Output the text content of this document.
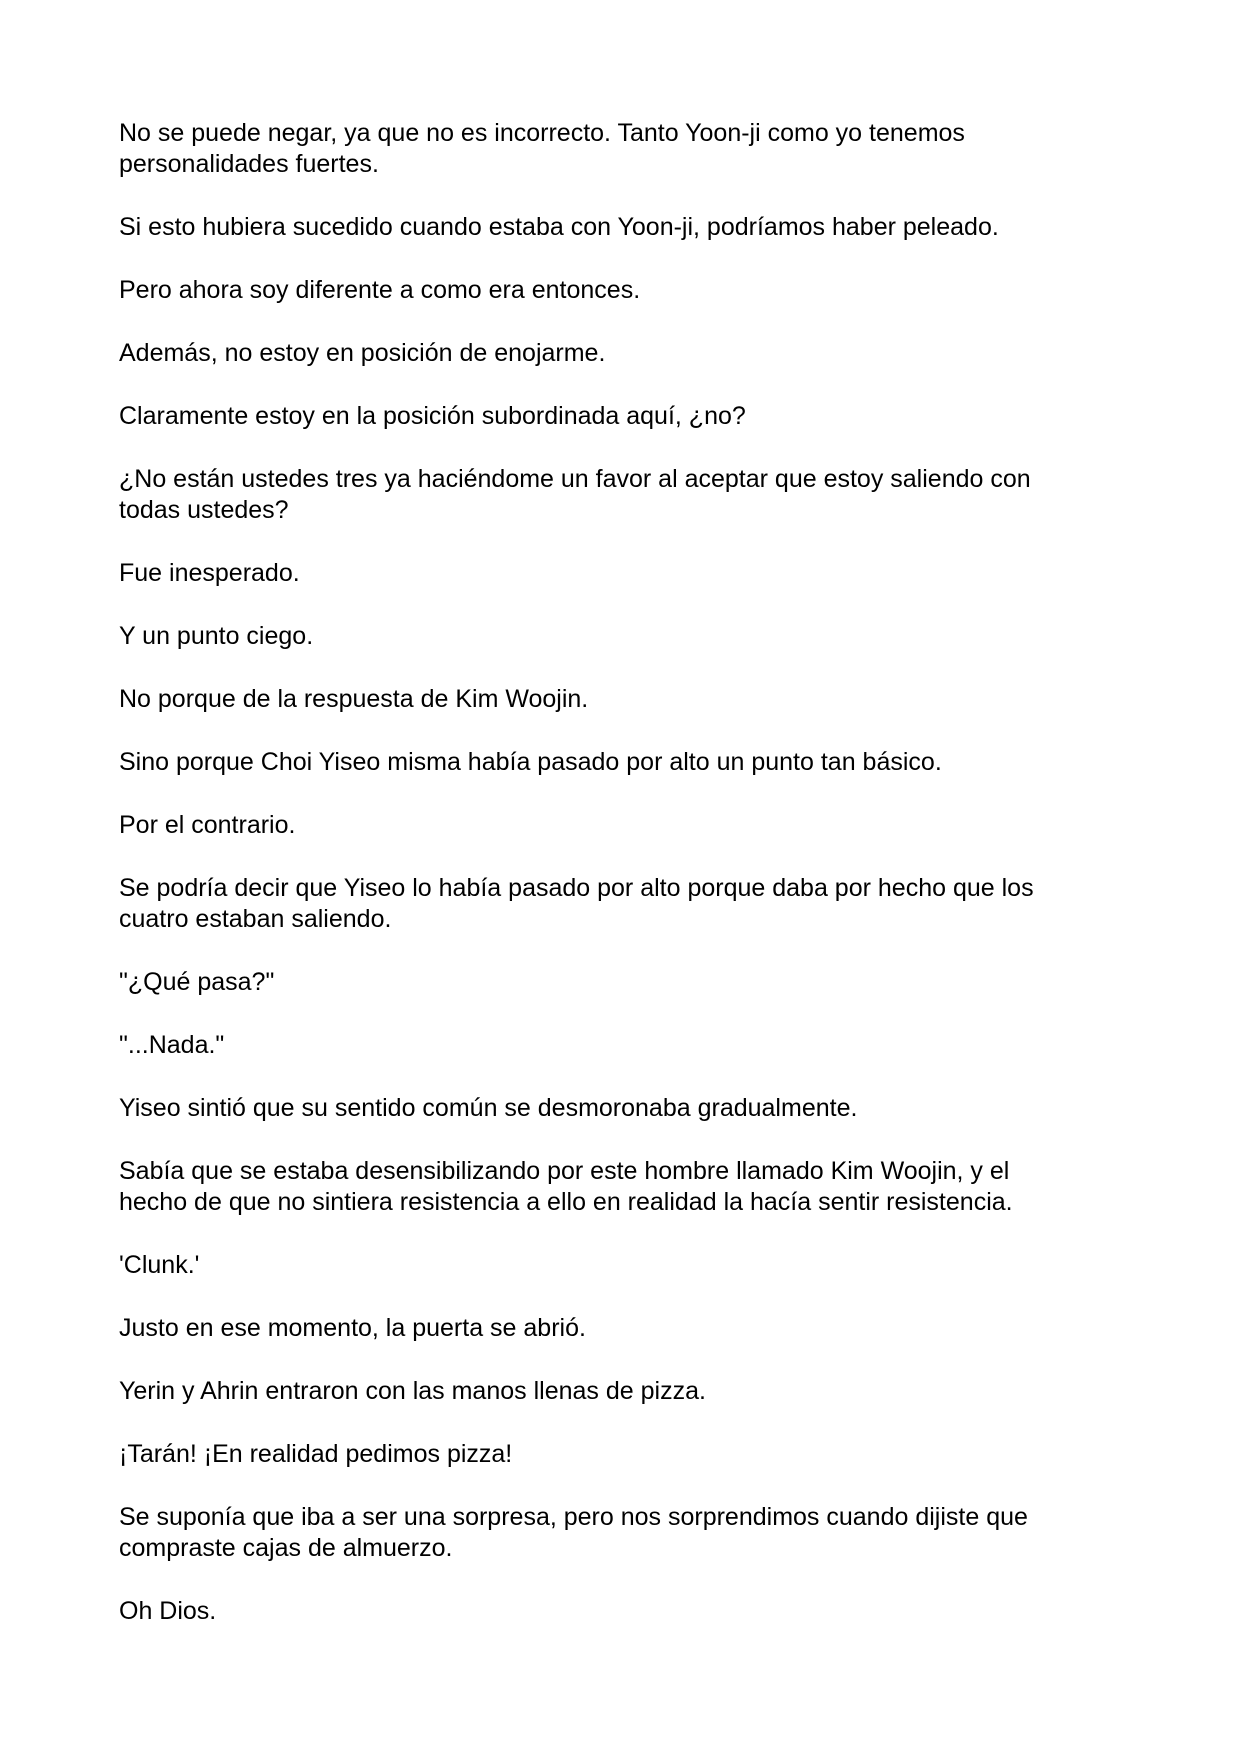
No se puede negar, ya que no es incorrecto. Tanto Yoon-ji como yo tenemos
personalidades fuertes.

Si esto hubiera sucedido cuando estaba con Yoon-ji, podríamos haber peleado.

Pero ahora soy diferente a como era entonces.

Además, no estoy en posición de enojarme.

Claramente estoy en la posición subordinada aquí, ¿no?

¿No están ustedes tres ya haciéndome un favor al aceptar que estoy saliendo con
todas ustedes?

Fue inesperado.

Y un punto ciego.

No porque de la respuesta de Kim Woojin.

Sino porque Choi Yiseo misma había pasado por alto un punto tan básico.

Por el contrario.

Se podría decir que Yiseo lo había pasado por alto porque daba por hecho que los
cuatro estaban saliendo.

"¿Qué pasa?"

"...Nada."

Yiseo sintió que su sentido común se desmoronaba gradualmente.

Sabía que se estaba desensibilizando por este hombre llamado Kim Woojin, y el
hecho de que no sintiera resistencia a ello en realidad la hacía sentir resistencia.

'Clunk.'

Justo en ese momento, la puerta se abrió.

Yerin y Ahrin entraron con las manos llenas de pizza.

¡Tarán! ¡En realidad pedimos pizza!

Se suponía que iba a ser una sorpresa, pero nos sorprendimos cuando dijiste que
compraste cajas de almuerzo.

Oh Dios.
